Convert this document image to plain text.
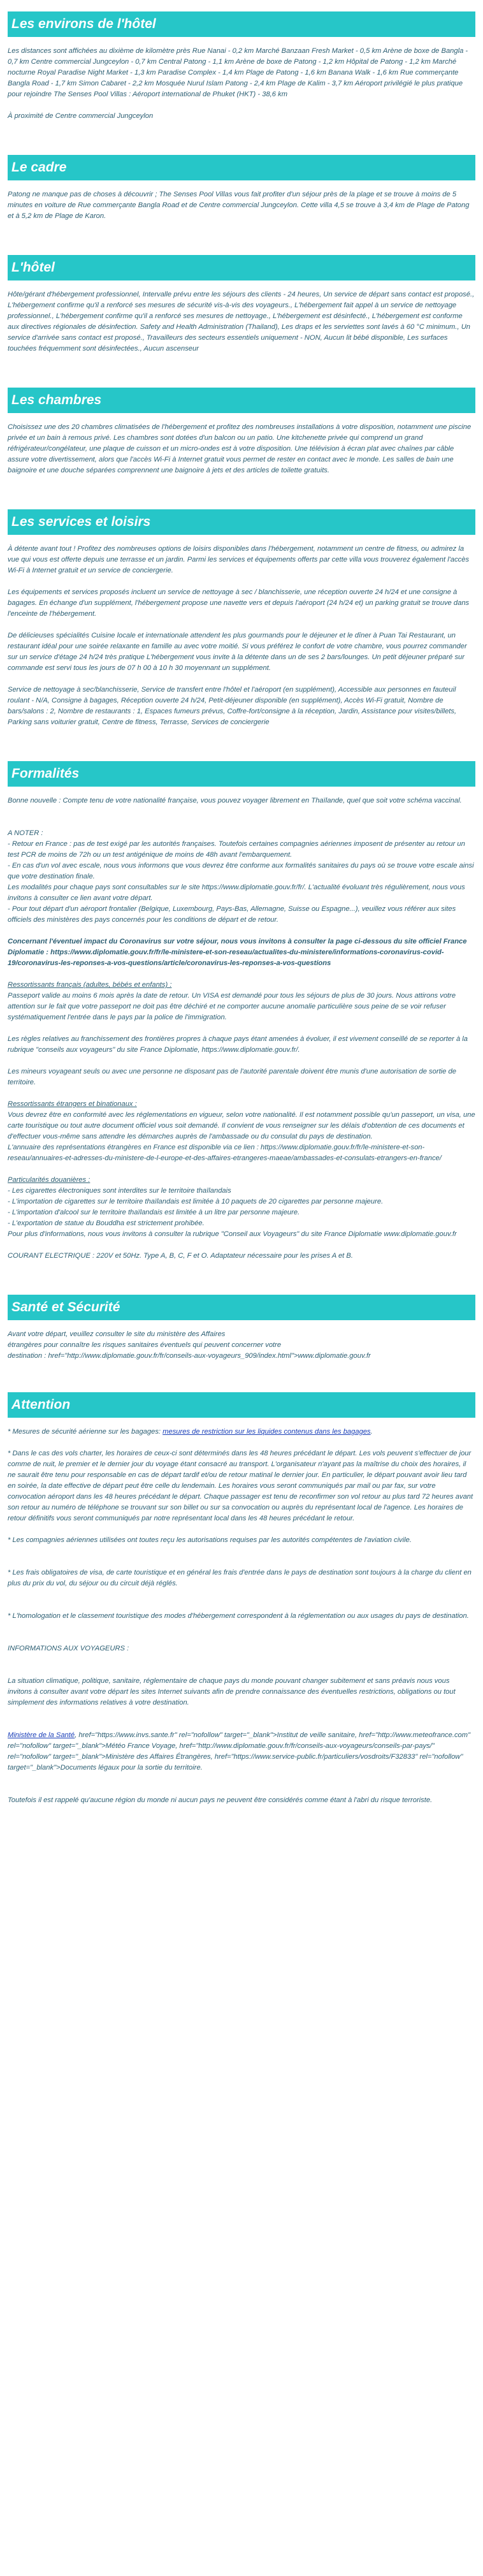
Les environs de l'hôtel

Les distances sont affichées au dixième de kilomètre près Rue Nanai - 0,2 km Marché Banzaan Fresh Market - 0,5 km Arène de boxe de Bangla - 0,7 km Centre commercial Jungceylon - 0,7 km Central Patong - 1,1 km Arène de boxe de Patong - 1,2 km Hôpital de Patong - 1,2 km Marché nocturne Royal Paradise Night Market - 1,3 km Paradise Complex - 1,4 km Plage de Patong - 1,6 km Banana Walk - 1,6 km Rue commerçante Bangla Road - 1,7 km Simon Cabaret - 2,2 km Mosquée Nurul Islam Patong - 2,4 km Plage de Kalim - 3,7 km Aéroport privilégié le plus pratique pour rejoindre The Senses Pool Villas : Aéroport international de Phuket (HKT) - 38,6 km

À proximité de Centre commercial Jungceylon

Le cadre

Patong ne manque pas de choses à découvrir ; The Senses Pool Villas vous fait profiter d'un séjour près de la plage et se trouve à moins de 5 minutes en voiture de Rue commerçante Bangla Road et de Centre commercial Jungceylon. Cette villa 4,5 se trouve à 3,4 km de Plage de Patong et à 5,2 km de Plage de Karon.

L'hôtel

Hôte/gérant d'hébergement professionnel, Intervalle prévu entre les séjours des clients - 24 heures, Un service de départ sans contact est proposé., L'hébergement confirme qu'il a renforcé ses mesures de sécurité vis-à-vis des voyageurs., L'hébergement fait appel à un service de nettoyage professionnel., L'hébergement confirme qu'il a renforcé ses mesures de nettoyage., L'hébergement est désinfecté., L'hébergement est conforme aux directives régionales de désinfection. Safety and Health Administration (Thailand), Les draps et les serviettes sont lavés à 60 °C minimum., Un service d'arrivée sans contact est proposé., Travailleurs des secteurs essentiels uniquement - NON, Aucun lit bébé disponible, Les surfaces touchées fréquemment sont désinfectées., Aucun ascenseur

Les chambres

Choisissez une des 20 chambres climatisées de l'hébergement et profitez des nombreuses installations à votre disposition, notamment une piscine privée et un bain à remous privé. Les chambres sont dotées d'un balcon ou un patio. Une kitchenette privée qui comprend un grand réfrigérateur/congélateur, une plaque de cuisson et un micro-ondes est à votre disposition. Une télévision à écran plat avec chaînes par câble assure votre divertissement, alors que l'accès Wi-Fi à Internet gratuit vous permet de rester en contact avec le monde. Les salles de bain une baignoire et une douche séparées comprennent une baignoire à jets et des articles de toilette gratuits.

Les services et loisirs

À détente avant tout ! Profitez des nombreuses options de loisirs disponibles dans l'hébergement, notamment un centre de fitness, ou admirez la vue qui vous est offerte depuis une terrasse et un jardin. Parmi les services et équipements offerts par cette villa vous trouverez également l'accès Wi-Fi à Internet gratuit et un service de conciergerie.

Les équipements et services proposés incluent un service de nettoyage à sec / blanchisserie, une réception ouverte 24 h/24 et une consigne à bagages. En échange d'un supplément, l'hébergement propose une navette vers et depuis l'aéroport (24 h/24 et) un parking gratuit se trouve dans l'enceinte de l'hébergement.

De délicieuses spécialités Cuisine locale et internationale attendent les plus gourmands pour le déjeuner et le dîner à Puan Tai Restaurant, un restaurant idéal pour une soirée relaxante en famille au avec votre moitié. Si vous préférez le confort de votre chambre, vous pourrez commander sur un service d'étage 24 h/24 très pratique L'hébergement vous invite à la détente dans un de ses 2 bars/lounges. Un petit déjeuner préparé sur commande est servi tous les jours de 07 h 00 à 10 h 30 moyennant un supplément.

Service de nettoyage à sec/blanchisserie, Service de transfert entre l'hôtel et l'aéroport (en supplément), Accessible aux personnes en fauteuil roulant - N/A, Consigne à bagages, Réception ouverte 24 h/24, Petit-déjeuner disponible (en supplément), Accès Wi-Fi gratuit, Nombre de bars/salons : 2, Nombre de restaurants : 1, Espaces fumeurs prévus, Coffre-fort/consigne à la réception, Jardin, Assistance pour visites/billets, Parking sans voiturier gratuit, Centre de fitness, Terrasse, Services de conciergerie

Formalités

Bonne nouvelle : Compte tenu de votre nationalité française, vous pouvez voyager librement en Thaïlande, quel que soit votre schéma vaccinal.

A NOTER :
- Retour en France : pas de test exigé par les autorités françaises. Toutefois certaines compagnies aériennes imposent de présenter au retour un test PCR de moins de 72h ou un test antigénique de moins de 48h avant l'embarquement.
- En cas d'un vol avec escale, nous vous informons que vous devrez être conforme aux formalités sanitaires du pays où se trouve votre escale ainsi que votre destination finale.
Les modalités pour chaque pays sont consultables sur le site https://www.diplomatie.gouv.fr/fr/. L'actualité évoluant très régulièrement, nous vous invitons à consulter ce lien avant votre départ.
- Pour tout départ d'un aéroport frontalier (Belgique, Luxembourg, Pays-Bas, Allemagne, Suisse ou Espagne...), veuillez vous référer aux sites officiels des ministères des pays concernés pour les conditions de départ et de retour.

Concernant l'éventuel impact du Coronavirus sur votre séjour, nous vous invitons à consulter la page ci-dessous du site officiel France Diplomatie : https://www.diplomatie.gouv.fr/fr/le-ministere-et-son-reseau/actualites-du-ministere/informations-coronavirus-covid-19/coronavirus-les-reponses-a-vos-questions/article/coronavirus-les-reponses-a-vos-questions

Ressortissants français (adultes, bébés et enfants) :

Passeport valide au moins 6 mois après la date de retour. Un VISA est demandé pour tous les séjours de plus de 30 jours. Nous attirons votre attention sur le fait que votre passeport ne doit pas être déchiré et ne comporter aucune anomalie particulière sous peine de se voir refuser systématiquement l'entrée dans le pays par la police de l'immigration.

Les règles relatives au franchissement des frontières propres à chaque pays étant amenées à évoluer, il est vivement conseillé de se reporter à la rubrique "conseils aux voyageurs" du site France Diplomatie, https://www.diplomatie.gouv.fr/.

Les mineurs voyageant seuls ou avec une personne ne disposant pas de l'autorité parentale doivent être munis d'une autorisation de sortie de territoire.

Ressortissants étrangers et binationaux :
Vous devrez être en conformité avec les réglementations en vigueur, selon votre nationalité. Il est notamment possible qu'un passeport, un visa, une carte touristique ou tout autre document officiel vous soit demandé. Il convient de vous renseigner sur les délais d'obtention de ces documents et d'effectuer vous-même sans attendre les démarches auprès de l'ambassade ou du consulat du pays de destination.

L'annuaire des représentations étrangères en France est disponible via ce lien : https://www.diplomatie.gouv.fr/fr/le-ministere-et-son-reseau/annuaires-et-adresses-du-ministere-de-l-europe-et-des-affaires-etrangeres-maeae/ambassades-et-consulats-etrangers-en-france/

Particularités douanières :
- Les cigarettes électroniques sont interdites sur le territoire thaïlandais
- L'importation de cigarettes sur le territoire thaïlandais est limitée à 10 paquets de 20 cigarettes par personne majeure.
- L'importation d'alcool sur le territoire thaïlandais est limitée à un litre par personne majeure.
- L'exportation de statue du Bouddha est strictement prohibée.
Pour plus d'informations, nous vous invitons à consulter la rubrique "Conseil aux Voyageurs" du site France Diplomatie www.diplomatie.gouv.fr

COURANT ELECTRIQUE : 220V et 50Hz. Type A, B, C, F et O. Adaptateur nécessaire pour les prises A et B.

Santé et Sécurité
Avant votre départ, veuillez consulter le site du ministère des Affaires
étrangères pour connaître les risques sanitaires éventuels qui peuvent concerner votre
destination : href="http://www.diplomatie.gouv.fr/fr/conseils-aux-voyageurs_909/index.html">www.diplomatie.gouv.fr
Attention

* Mesures de sécurité aérienne sur les bagages: mesures de restriction sur les liquides contenus dans les bagages.

* Dans le cas des vols charter, les horaires de ceux-ci sont déterminés dans les 48 heures précédant le départ. Les vols peuvent s'effectuer de jour comme de nuit, le premier et le dernier jour du voyage étant consacré au transport. L'organisateur n'ayant pas la maîtrise du choix des horaires, il ne saurait être tenu pour responsable en cas de départ tardif et/ou de retour matinal le dernier jour. En particulier, le départ pouvant avoir lieu tard en soirée, la date effective de départ peut être celle du lendemain. Les horaires vous seront communiqués par mail ou par fax, sur votre convocation aéroport dans les 48 heures précédant le départ. Chaque passager est tenu de reconfirmer son vol retour au plus tard 72 heures avant son retour au numéro de téléphone se trouvant sur son billet ou sur sa convocation ou auprès du représentant local de l'agence. Les horaires de retour définitifs vous seront communiqués par notre représentant local dans les 48 heures précédant le retour.

* Les compagnies aériennes utilisées ont toutes reçu les autorisations requises par les autorités compétentes de l'aviation civile.

* Les frais obligatoires de visa, de carte touristique et en général les frais d'entrée dans le pays de destination sont toujours à la charge du client en plus du prix du vol, du séjour ou du circuit déjà réglés.

* L'homologation et le classement touristique des modes d'hébergement correspondent à la réglementation ou aux usages du pays de destination.

INFORMATIONS AUX VOYAGEURS :

La situation climatique, politique, sanitaire, réglementaire de chaque pays du monde pouvant changer subitement et sans préavis nous vous invitons à consulter avant votre départ les sites Internet suivants afin de prendre connaissance des éventuelles restrictions, obligations ou tout simplement des informations relatives à votre destination.

Ministère de la Santé, href="https://www.invs.sante.fr" rel="nofollow" target="_blank">Institut de veille sanitaire, href="http://www.meteofrance.com" rel="nofollow" target="_blank">Météo France Voyage, href="http://www.diplomatie.gouv.fr/fr/conseils-aux-voyageurs/conseils-par-pays/" rel="nofollow" target="_blank">Ministère des Affaires Étrangères, href="https://www.service-public.fr/particuliers/vosdroits/F32833" rel="nofollow" target="_blank">Documents légaux pour la sortie du territoire.

Toutefois il est rappelé qu'aucune région du monde ni aucun pays ne peuvent être considérés comme étant à l'abri du risque terroriste.
